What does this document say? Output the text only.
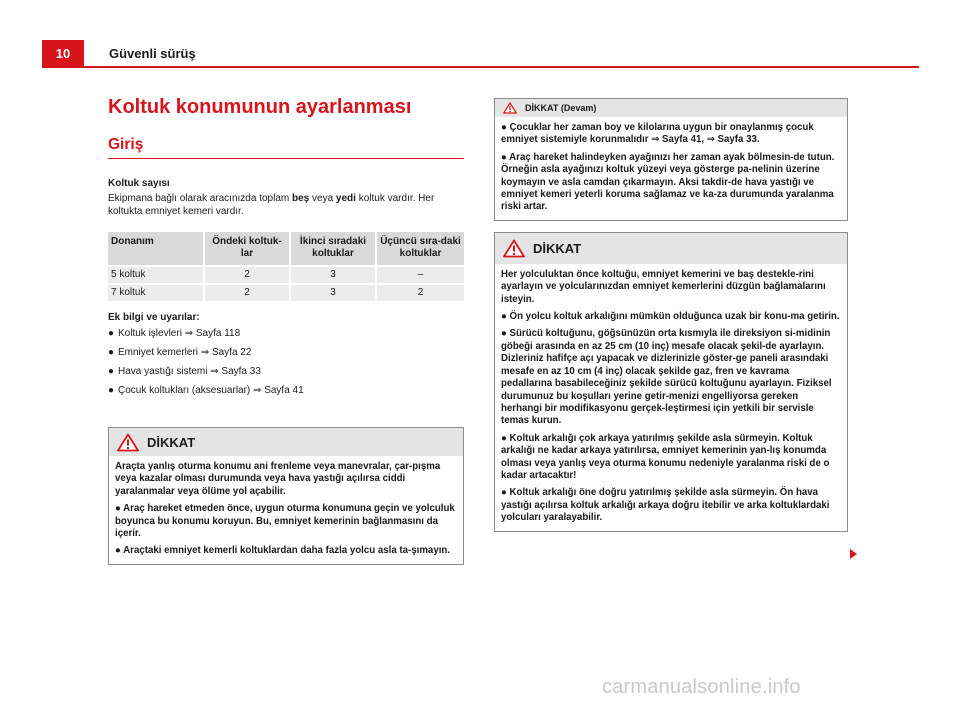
10	Güvenli sürüş
Koltuk konumunun ayarlanması
Giriş
Koltuk sayısı
Ekipmana bağlı olarak aracınızda toplam beş veya yedi koltuk vardır. Her koltukta emniyet kemeri vardır.
Donanım	Öndeki koltuk-lar	İkinci sıradaki koltuklar	Üçüncü sıra-daki koltuklar
5 koltuk	2	3	–
7 koltuk	2	3	2
Ek bilgi ve uyarılar:
● Koltuk işlevleri ⇒ Sayfa 118
● Emniyet kemerleri ⇒ Sayfa 22
● Hava yastığı sistemi ⇒ Sayfa 33
● Çocuk koltukları (aksesuarlar) ⇒ Sayfa 41
DİKKAT

Araçta yanlış oturma konumu ani frenleme veya manevralar, çar-pışma veya kazalar olması durumunda veya hava yastığı açılırsa ciddi yaralanmalar veya ölüme yol açabilir.

● Araç hareket etmeden önce, uygun oturma konumuna geçin ve yolculuk boyunca bu konumu koruyun. Bu, emniyet kemerinin bağlanmasını da içerir.

● Araçtaki emniyet kemerli koltuklardan daha fazla yolcu asla ta-şımayın.

DİKKAT (Devam)

● Çocuklar her zaman boy ve kilolarına uygun bir onaylanmış çocuk emniyet sistemiyle korunmalıdır ⇒ Sayfa 41, ⇒ Sayfa 33.

● Araç hareket halindeyken ayağınızı her zaman ayak bölmesin-de tutun. Örneğin asla ayağınızı koltuk yüzeyi veya gösterge pa-nelinin üzerine koymayın ve asla camdan çıkarmayın. Aksi takdir-de hava yastığı ve emniyet kemeri yeterli koruma sağlamaz ve ka-za durumunda yaralanma riski artar.

DİKKAT

Her yolculuktan önce koltuğu, emniyet kemerini ve baş destekle-rini ayarlayın ve yolcularınızdan emniyet kemerlerini düzgün bağlamalarını isteyin.

● Ön yolcu koltuk arkalığını mümkün olduğunca uzak bir konu-ma getirin.

● Sürücü koltuğunu, göğsünüzün orta kısmıyla ile direksiyon si-midinin göbeği arasında en az 25 cm (10 inç) mesafe olacak şekil-de ayarlayın. Dizleriniz hafifçe açı yapacak ve dizlerinizle göster-ge paneli arasındaki mesafe en az 10 cm (4 inç) olacak şekilde gaz, fren ve kavrama pedallarına basabileceğiniz şekilde sürücü koltuğunu ayarlayın. Fiziksel durumunuz bu koşulları yerine getir-menizi engelliyorsa gereken herhangi bir modifikasyonu gerçek-leştirmesi için yetkili bir servisle temas kurun.

● Koltuk arkalığı çok arkaya yatırılmış şekilde asla sürmeyin. Koltuk arkalığı ne kadar arkaya yatırılırsa, emniyet kemerinin yan-lış konumda olması veya yanlış veya oturma konumu nedeniyle yaralanma riski de o kadar artacaktır!

● Koltuk arkalığı öne doğru yatırılmış şekilde asla sürmeyin. Ön hava yastığı açılırsa koltuk arkalığı arkaya doğru itebilir ve arka koltuklardaki yolcuları yaralayabilir.

carmanualsonline.info
